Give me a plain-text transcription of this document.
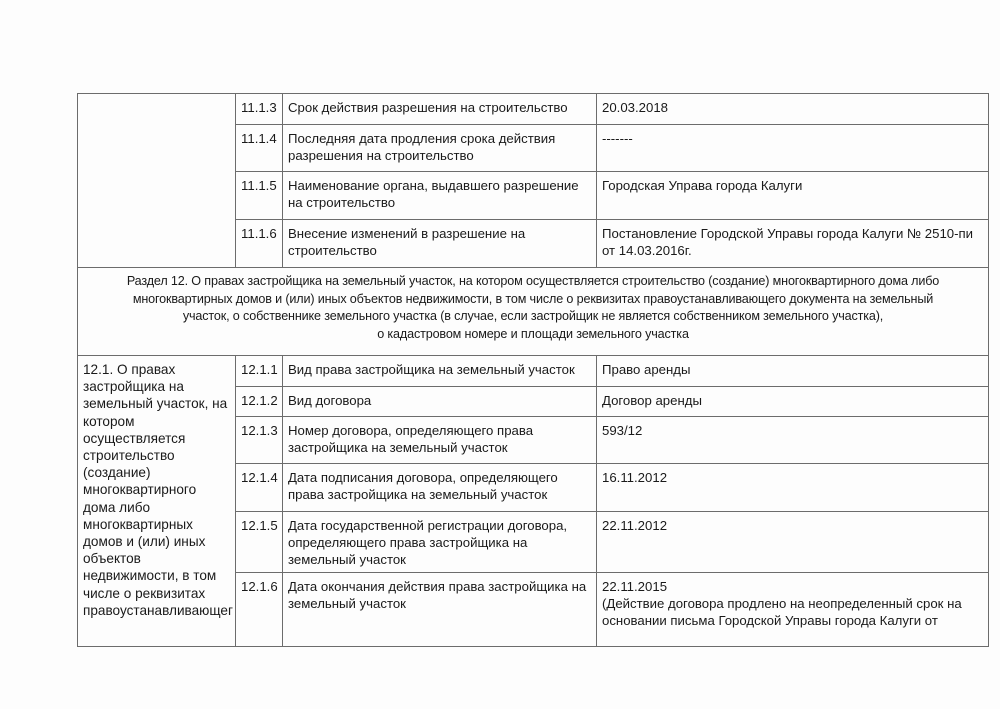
	11.1.3	Срок действия разрешения на строительство	20.03.2018
	11.1.4	Последняя дата продления срока действия разрешения на строительство	-------
	11.1.5	Наименование органа, выдавшего разрешение на строительство	Городская Управа города Калуги
	11.1.6	Внесение изменений в разрешение на строительство	Постановление Городской Управы города Калуги № 2510-пи от 14.03.2016г.

Раздел 12. О правах застройщика на земельный участок, на котором осуществляется строительство (создание) многоквартирного дома либо
многоквартирных домов и (или) иных объектов недвижимости, в том числе о реквизитах правоустанавливающего документа на земельный
участок, о собственнике земельного участка (в случае, если застройщик не является собственником земельного участка),
о кадастровом номере и площади земельного участка			

12.1. О правах застройщика на земельный участок, на котором осуществляется строительство (создание) многоквартирного дома либо многоквартирных домов и (или) иных объектов недвижимости, в том числе о реквизитах правоустанавливающег	12.1.1	Вид права застройщика на земельный участок	Право аренды
	12.1.2	Вид договора	Договор аренды
	12.1.3	Номер договора, определяющего права застройщика на земельный участок	593/12
	12.1.4	Дата подписания договора, определяющего права застройщика на земельный участок	16.11.2012
	12.1.5	Дата государственной регистрации договора, определяющего права застройщика на земельный участок	22.11.2012
	12.1.6	Дата окончания действия права застройщика на земельный участок	22.11.2015
(Действие договора продлено на неопределенный срок на основании письма Городской Управы города Калуги от
